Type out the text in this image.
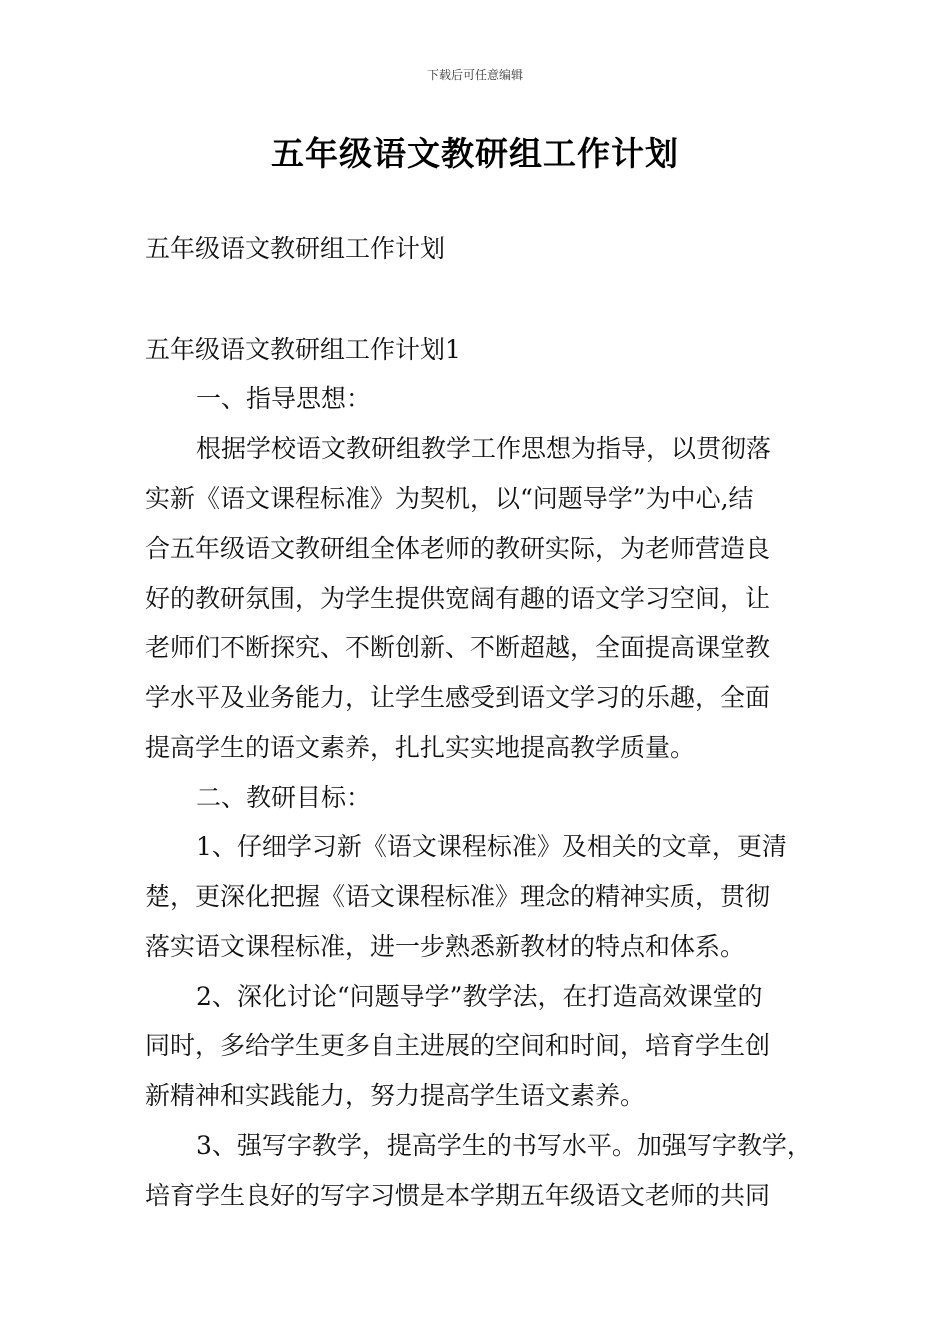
下载后可任意编辑
五年级语文教研组工作计划
五年级语文教研组工作计划
五年级语文教研组工作计划1
一、指导思想：
根据学校语文教研组教学工作思想为指导，以贯彻落
实新《语文课程标准》为契机，以“问题导学”为中心,结
合五年级语文教研组全体老师的教研实际，为老师营造良
好的教研氛围，为学生提供宽阔有趣的语文学习空间，让
老师们不断探究、不断创新、不断超越，全面提高课堂教
学水平及业务能力，让学生感受到语文学习的乐趣，全面
提高学生的语文素养，扎扎实实地提高教学质量。
二、教研目标：
1、仔细学习新《语文课程标准》及相关的文章，更清
楚，更深化把握《语文课程标准》理念的精神实质，贯彻
落实语文课程标准，进一步熟悉新教材的特点和体系。
2、深化讨论“问题导学”教学法，在打造高效课堂的
同时，多给学生更多自主进展的空间和时间，培育学生创
新精神和实践能力，努力提高学生语文素养。
3、强写字教学，提高学生的书写水平。加强写字教学，
培育学生良好的写字习惯是本学期五年级语文老师的共同
